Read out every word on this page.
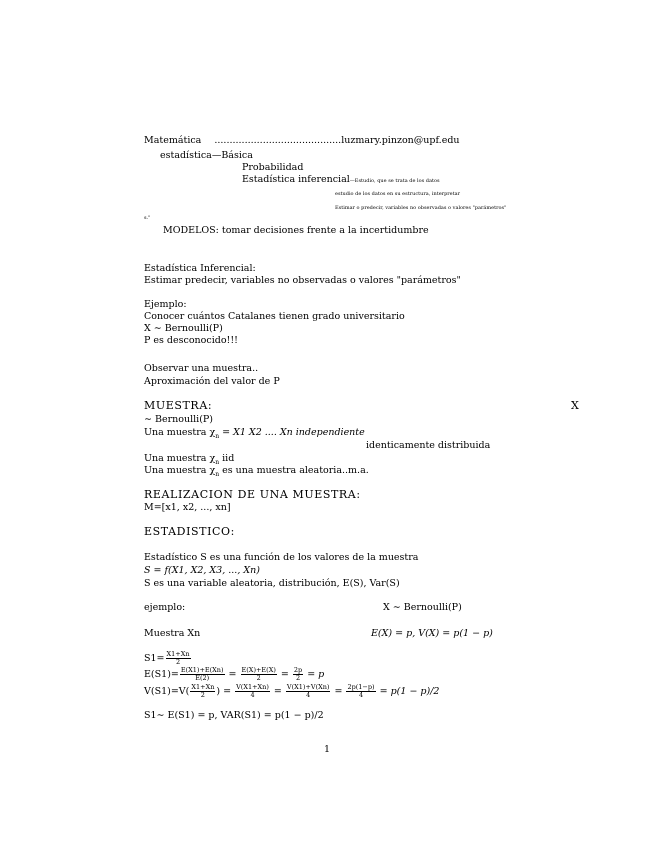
Matemática ..........................................luzmary.pinzon@upf.edu
estadística—Básica
Probabilidad
Estadística inferencial—Estudio, que se trata de los datos
estudio de los datos en su estructura, interpretar
Estimar o predecir, variables no observadas o valores "parámetros"
s."
MODELOS: tomar decisiones frente a la incertidumbre
Estadística Inferencial:
Estimar predecir, variables no observadas o valores "parámetros"
Ejemplo:
Conocer cuántos Catalanes tienen grado universitario
X ∼ Bernoulli(P)
P es desconocido!!!
Observar una muestra..
Aproximación del valor de P
MUESTRA:	X
∼ Bernoulli(P)
Una muestra $\chi_n = X1$ X2 .... Xn independiente
identicamente distribuida
Una muestra $\chi_n$ iid
Una muestra $\chi_n$ es una muestra aleatoria..m.a.
REALIZACION DE UNA MUESTRA:
M=[x1, x2, ..., xn]
ESTADISTICO:
Estadístico S es una función de los valores de la muestra
S = f(X1, X2, X3, ..., Xn)
S es una variable aleatoria, distribución, E(S), Var(S)
ejemplo:	X ∼ Bernoulli(P)
Muestra Xn	E(X) = p, V(X) = p(1 − p)
$S1= \frac{X1+Xn}{2}$
$E(S1)= \frac{E(X1)+E(Xn)}{E(2)} = \frac{E(X)+E(X)}{2} = \frac{2p}{2} = p$
$V(S1)=V( \frac{X1+Xn}{2}$ ) = $\frac{V(X1+Xn)}{4} = \frac{V(X1)+V(Xn)}{4} = \frac{2p(1-p)}{4} = p(1 - p)/2$
S1∼ E(S1) = p, VAR(S1) = p(1 − p)/2
1
